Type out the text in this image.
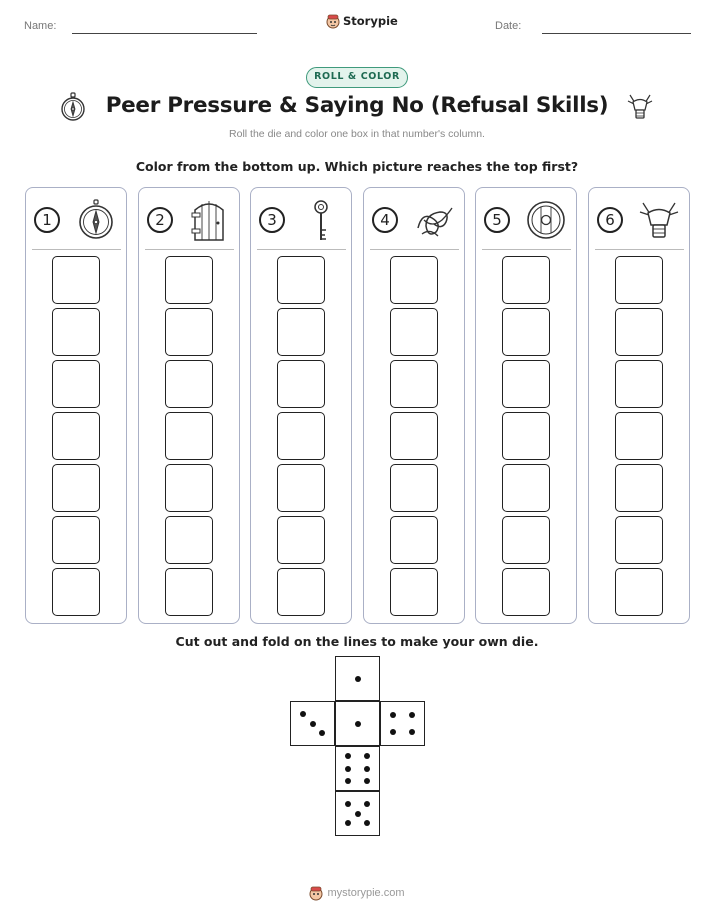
Name:	Storypie	Date:
ROLL & COLOR
Peer Pressure & Saying No (Refusal Skills)
Roll the die and color one box in that number's column.
Color from the bottom up. Which picture reaches the top first?
1	2	3	4	5	6
Cut out and fold on the lines to make your own die.
mystorypie.com
